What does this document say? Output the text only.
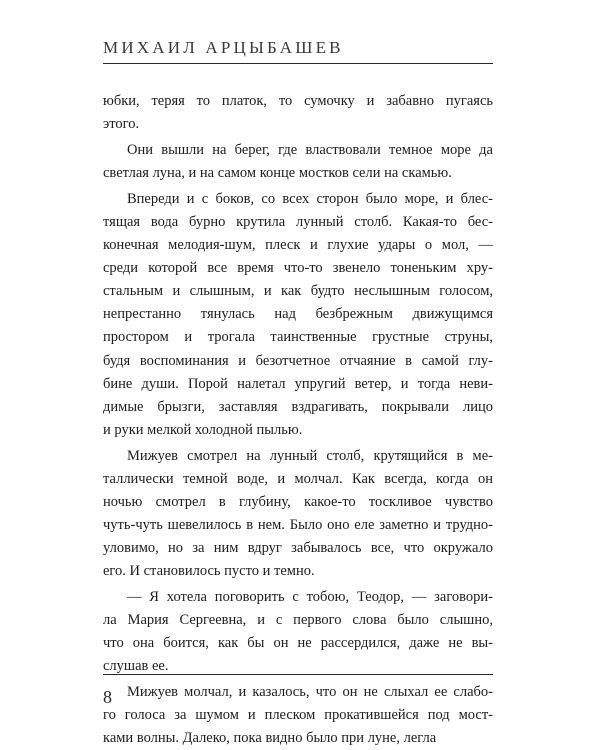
МИХАИЛ АРЦЫБАШЕВ
юбки, теряя то платок, то сумочку и забавно пугаясь
этого.
Они вышли на берег, где властвовали темное море да
светлая луна, и на самом конце мостков сели на скамью.
Впереди и с боков, со всех сторон было море, и блес-
тящая вода бурно крутила лунный столб. Какая-то бес-
конечная мелодия-шум, плеск и глухие удары о мол, —
среди которой все время что-то звенело тоненьким хру-
стальным и слышным, и как будто неслышным голосом,
непрестанно тянулась над безбрежным движущимся
простором и трогала таинственные грустные струны,
будя воспоминания и безотчетное отчаяние в самой глу-
бине души. Порой налетал упругий ветер, и тогда неви-
димые брызги, заставляя вздрагивать, покрывали лицо
и руки мелкой холодной пылью.
Мижуев смотрел на лунный столб, крутящийся в ме-
таллически темной воде, и молчал. Как всегда, когда он
ночью смотрел в глубину, какое-то тоскливое чувство
чуть-чуть шевелилось в нем. Было оно еле заметно и трудно-
уловимо, но за ним вдруг забывалось все, что окружало
его. И становилось пусто и темно.
— Я хотела поговорить с тобою, Теодор, — заговори-
ла Мария Сергеевна, и с первого слова было слышно,
что она боится, как бы он не рассердился, даже не вы-
слушав ее.
Мижуев молчал, и казалось, что он не слыхал ее слабо-
го голоса за шумом и плеском прокатившейся под мост-
ками волны. Далеко, пока видно было при луне, легла
8
